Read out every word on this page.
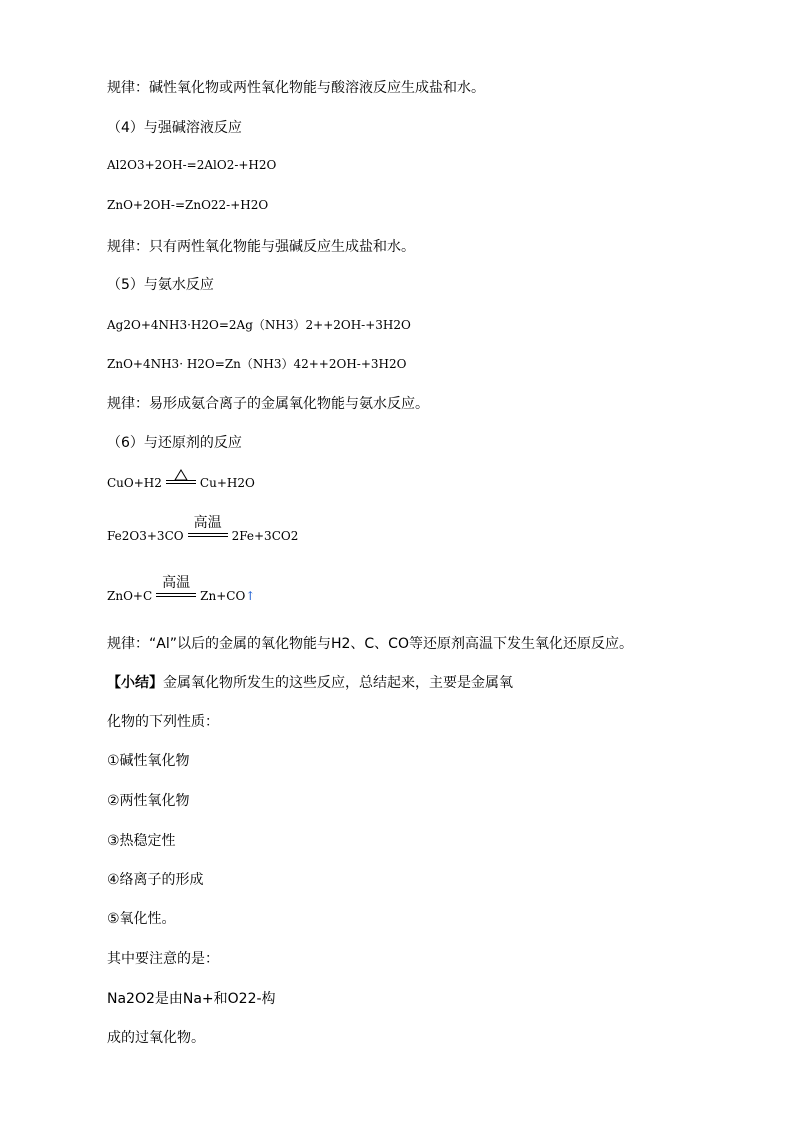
规律：碱性氧化物或两性氧化物能与酸溶液反应生成盐和水。
（4）与强碱溶液反应
Al2O3+2OH-=2AlO2-+H2O
ZnO+2OH-=ZnO22-+H2O
规律：只有两性氧化物能与强碱反应生成盐和水。
（5）与氨水反应
Ag2O+4NH3·H2O=2Ag（NH3）2++2OH-+3H2O
ZnO+4NH3· H2O=Zn（NH3）42++2OH-+3H2O
规律：易形成氨合离子的金属氧化物能与氨水反应。
（6）与还原剂的反应
CuO+H2	Cu+H2O
Fe2O3+3CO
高温
2Fe+3CO2
ZnO+C
高温
Zn+CO↑
规律：“Al”以后的金属的氧化物能与H2、C、CO等还原剂高温下发生氧化还原反应。
【小结】金属氧化物所发生的这些反应，总结起来，主要是金属氧
化物的下列性质：
①碱性氧化物
②两性氧化物
③热稳定性
④络离子的形成
⑤氧化性。
其中要注意的是：
Na2O2是由Na+和O22-构
成的过氧化物。
